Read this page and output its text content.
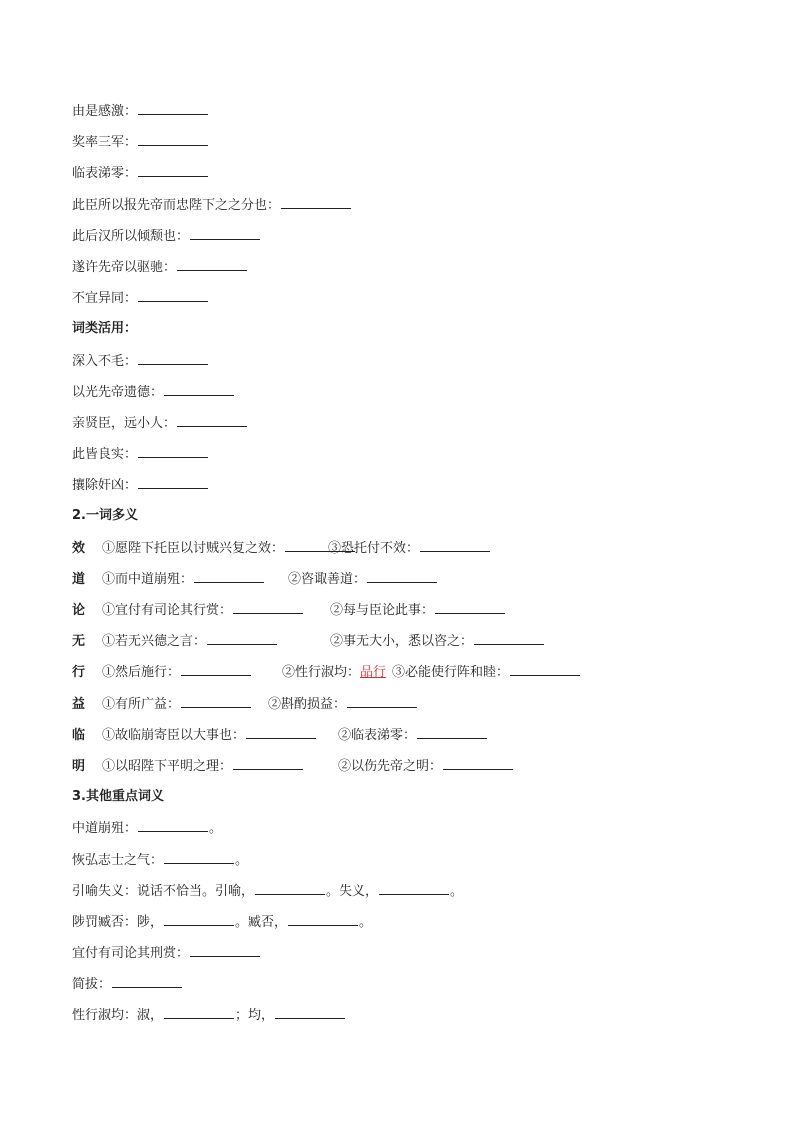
由是感激：
奖率三军：
临表涕零：
此臣所以报先帝而忠陛下之之分也：
此后汉所以倾颓也：
遂许先帝以驱驰：
不宜异同：
词类活用：
深入不毛：
以光先帝遗德：
亲贤臣，远小人：
此皆良实：
攘除奸凶：
2.一词多义
效 ①愿陛下托臣以讨贼兴复之效：	③恐托付不效：
道 ①而中道崩殂：	②咨诹善道：
论 ①宜付有司论其行赏：	②每与臣论此事：
无 ①若无兴德之言：	②事无大小，悉以咨之：
行 ①然后施行：	②性行淑均：品行 ③必能使行阵和睦：
益 ①有所广益：	②斟酌损益：
临 ①故临崩寄臣以大事也：	②临表涕零：
明 ①以昭陛下平明之理：	②以伤先帝之明：
3.其他重点词义
中道崩殂：	。
恢弘志士之气：	。
引喻失义：说话不恰当。引喻，	。失义，	。
陟罚臧否：陟，	。臧否，	。
宜付有司论其刑赏：
简拔：
性行淑均：淑，	；均，
